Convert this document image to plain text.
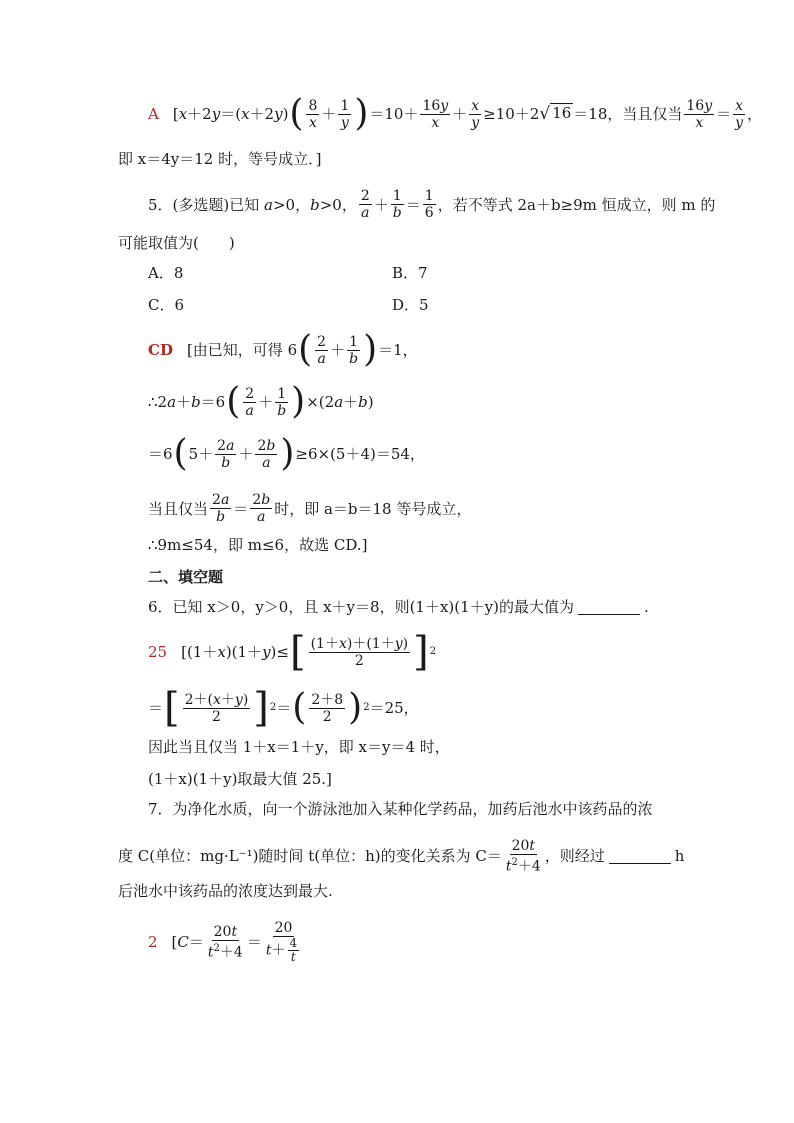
A [x＋2y＝(x＋2y) ( $\frac{8}{x} + \frac{1}{y}$ ) $=10+ \frac{16y}{x} + \frac{x}{y} \ge 10+2$ √ 16 ＝18，当且仅当 $\frac{16y}{x} = \frac{x}{y}$ ，
即 x＝4y＝12 时，等号成立．]
5．(多选题)已知 a>0，b>0， $\frac{2}{a} + \frac{1}{b} = \frac{1}{6}$ ，若不等式 2a＋b≥9m 恒成立，则 m 的
可能取值为(　　)
A．8	B．7
C．6	D．5
CD [由已知，可得 6 ( $\frac{2}{a} + \frac{1}{b}$ ) ＝1，
∴2a＋b＝6 ( $\frac{2}{a} + \frac{1}{b}$ ) ×(2a＋b)
＝6 ( $5+ \frac{2a}{b} + \frac{2b}{a}$ ) ≥6×(5＋4)＝54，
当且仅当 $\frac{2a}{b} = \frac{2b}{a}$ 时，即 a＝b＝18 等号成立，
∴9m≤54，即 m≤6，故选 CD.]
二、填空题
6．已知 x＞0，y＞0，且 x＋y＝8，则(1＋x)(1＋y)的最大值为	.
25 [(1＋x)(1＋y)≤ [ $\frac{(1+x)+(1+y)}{2}$ ] 2
＝ [ $\frac{2+(x+y)}{2}$ ] 2 ＝ ( $\frac{2+8}{2}$ ) 2 ＝25，
因此当且仅当 1＋x＝1＋y，即 x＝y＝4 时，
(1＋x)(1＋y)取最大值 25.]
7．为净化水质，向一个游泳池加入某种化学药品，加药后池水中该药品的浓
度 C(单位：mg·L⁻¹)随时间 t(单位：h)的变化关系为 $C= \frac{20t}{t^2+4}$ ，则经过	h
后池水中该药品的浓度达到最大.
2 [$C= \frac{20t}{t^2+4} = \frac{20}{t+ \frac{4}{t}}$
